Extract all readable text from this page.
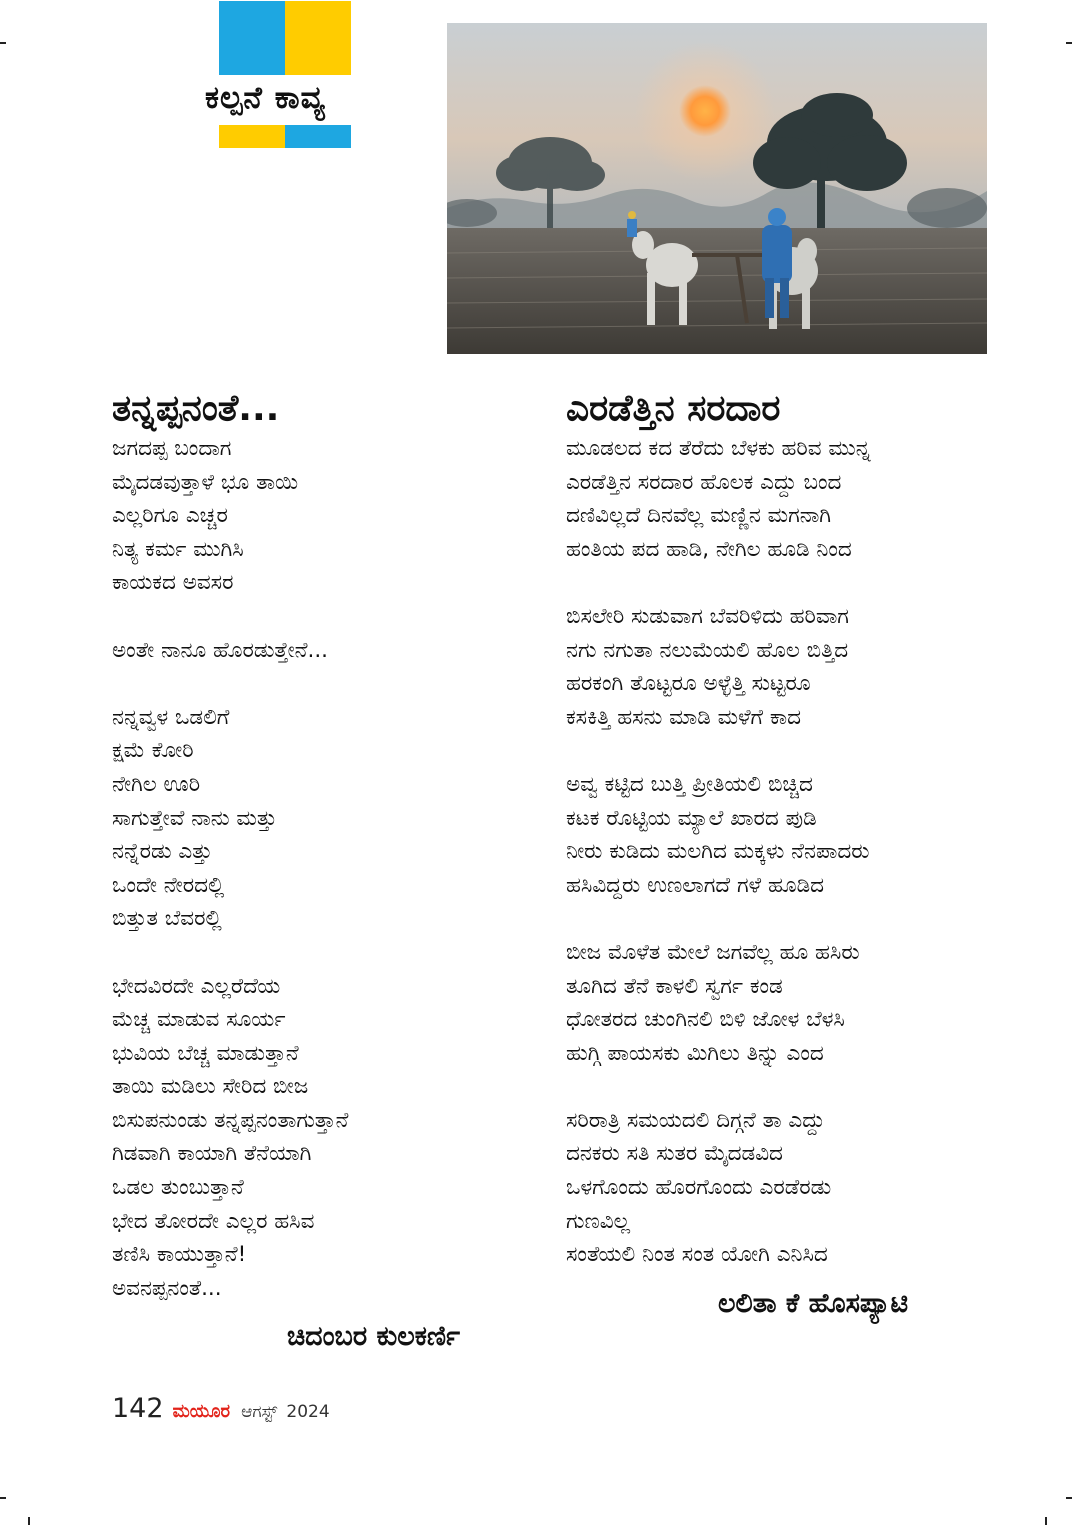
ಕಲ್ಪನೆ ಕಾವ್ಯ
ತನ್ನಪ್ಪನಂತೆ...
ಜಗದಪ್ಪ ಬಂದಾಗ
ಮೈದಡವುತ್ತಾಳೆ ಭೂ ತಾಯಿ
ಎಲ್ಲರಿಗೂ ಎಚ್ಚರ
ನಿತ್ಯ ಕರ್ಮ ಮುಗಿಸಿ
ಕಾಯಕದ ಅವಸರ
ಅಂತೇ ನಾನೂ ಹೊರಡುತ್ತೇನೆ...
ನನ್ನವ್ವಳ ಒಡಲಿಗೆ
ಕ್ಷಮೆ ಕೋರಿ
ನೇಗಿಲ ಊರಿ
ಸಾಗುತ್ತೇವೆ ನಾನು ಮತ್ತು
ನನ್ನೆರಡು ಎತ್ತು
ಒಂದೇ ನೇರದಲ್ಲಿ
ಬಿತ್ತುತ ಬೆವರಲ್ಲಿ
ಭೇದವಿರದೇ ಎಲ್ಲರೆದೆಯ
ಮೆಚ್ಚ ಮಾಡುವ ಸೂರ್ಯ
ಭುವಿಯ ಬೆಚ್ಚ ಮಾಡುತ್ತಾನೆ
ತಾಯಿ ಮಡಿಲು ಸೇರಿದ ಬೀಜ
ಬಿಸುಪನುಂಡು ತನ್ನಪ್ಪನಂತಾಗುತ್ತಾನೆ
ಗಿಡವಾಗಿ ಕಾಯಾಗಿ ತೆನೆಯಾಗಿ
ಒಡಲ ತುಂಬುತ್ತಾನೆ
ಭೇದ ತೋರದೇ ಎಲ್ಲರ ಹಸಿವ
ತಣಿಸಿ ಕಾಯುತ್ತಾನೆ!
ಅವನಪ್ಪನಂತೆ...
ಚಿದಂಬರ ಕುಲಕರ್ಣಿ
ಎರಡೆತ್ತಿನ ಸರದಾರ
ಮೂಡಲದ ಕದ ತೆರೆದು ಬೆಳಕು ಹರಿವ ಮುನ್ನ
ಎರಡೆತ್ತಿನ ಸರದಾರ ಹೊಲಕ ಎದ್ದು ಬಂದ
ದಣಿವಿಲ್ಲದೆ ದಿನವೆಲ್ಲ ಮಣ್ಣಿನ ಮಗನಾಗಿ
ಹಂತಿಯ ಪದ ಹಾಡಿ, ನೇಗಿಲ ಹೂಡಿ ನಿಂದ
ಬಿಸಲೇರಿ ಸುಡುವಾಗ ಬೆವರಿಳಿದು ಹರಿವಾಗ
ನಗು ನಗುತಾ ನಲುಮೆಯಲಿ ಹೊಲ ಬಿತ್ತಿದ
ಹರಕಂಗಿ ತೊಟ್ಟರೂ ಅಳ್ಳೆತ್ತಿ ಸುಟ್ಟರೂ
ಕಸಕಿತ್ತಿ ಹಸನು ಮಾಡಿ ಮಳೆಗೆ ಕಾದ
ಅವ್ವ ಕಟ್ಟಿದ ಬುತ್ತಿ ಪ್ರೀತಿಯಲಿ ಬಿಚ್ಚಿದ
ಕಟಕ ರೊಟ್ಟಿಯ ಮ್ಯಾಲೆ ಖಾರದ ಪುಡಿ
ನೀರು ಕುಡಿದು ಮಲಗಿದ ಮಕ್ಕಳು ನೆನಪಾದರು
ಹಸಿವಿದ್ದರು ಉಣಲಾಗದೆ ಗಳೆ ಹೂಡಿದ
ಬೀಜ ಮೊಳೆತ ಮೇಲೆ ಜಗವೆಲ್ಲ ಹೂ ಹಸಿರು
ತೂಗಿದ ತೆನೆ ಕಾಳಲಿ ಸ್ವರ್ಗ ಕಂಡ
ಧೋತರದ ಚುಂಗಿನಲಿ ಬಿಳಿ ಜೋಳ ಬೆಳಸಿ
ಹುಗ್ಗಿ ಪಾಯಸಕು ಮಿಗಿಲು ತಿನ್ನು ಎಂದ
ಸರಿರಾತ್ರಿ ಸಮಯದಲಿ ದಿಗ್ಗನೆ ತಾ ಎದ್ದು
ದನಕರು ಸತಿ ಸುತರ ಮೈದಡವಿದ
ಒಳಗೊಂದು ಹೊರಗೊಂದು ಎರಡೆರಡು
ಗುಣವಿಲ್ಲ
ಸಂತೆಯಲಿ ನಿಂತ ಸಂತ ಯೋಗಿ ಎನಿಸಿದ
ಲಲಿತಾ ಕೆ ಹೊಸಪ್ಯಾಟಿ
142 ಮಯೂರ ಆಗಸ್ಟ್ 2024
